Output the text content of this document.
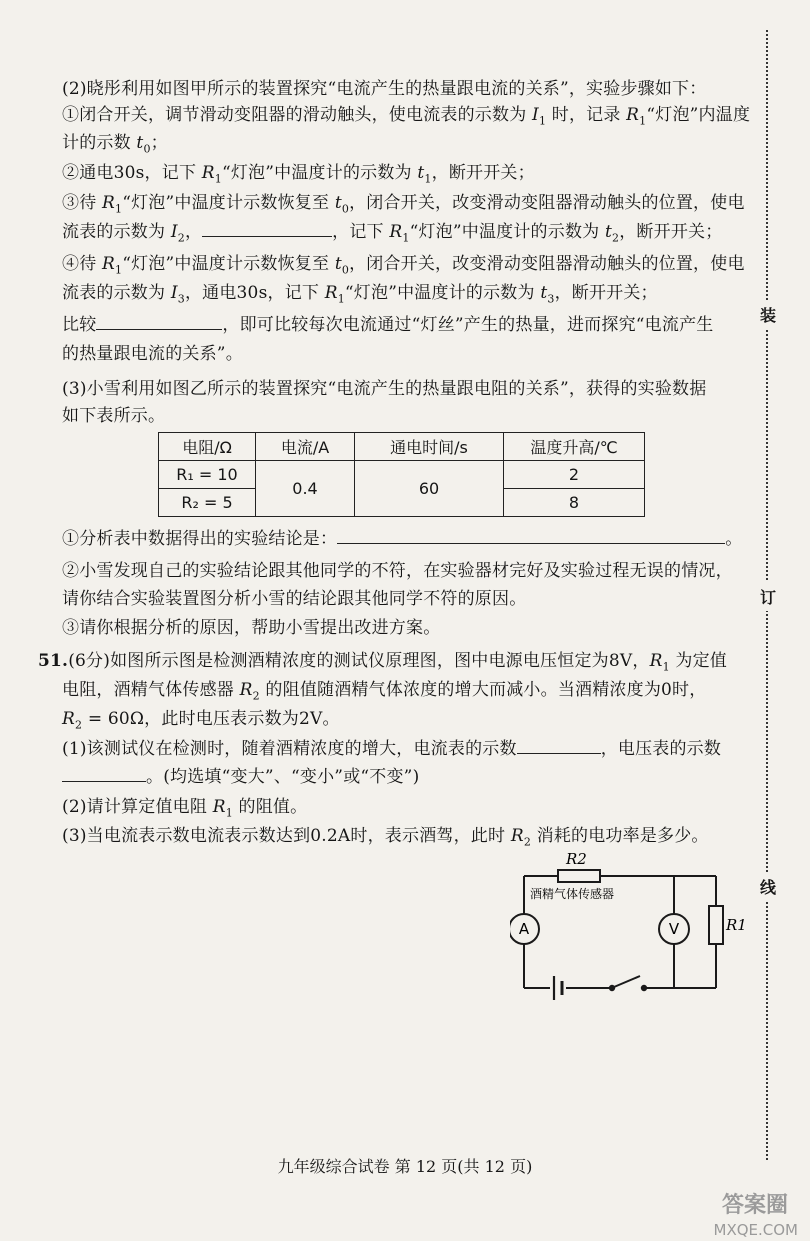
(2)晓彤利用如图甲所示的装置探究“电流产生的热量跟电流的关系”，实验步骤如下：
①闭合开关，调节滑动变阻器的滑动触头，使电流表的示数为 $I_1$ 时，记录 $R_1“$灯泡”内温度
计的示数 $t_0$；
②通电30s，记下 $R_1“$灯泡”中温度计的示数为 $t_1$，断开开关；
③待 $R_1“$灯泡”中温度计示数恢复至 $t_0$，闭合开关，改变滑动变阻器滑动触头的位置，使电
流表的示数为 $I_2$，	，记下 $R_1“$灯泡”中温度计的示数为 $t_2$，断开开关；
④待 $R_1“$灯泡”中温度计示数恢复至 $t_0$，闭合开关，改变滑动变阻器滑动触头的位置，使电
流表的示数为 $I_3$，通电30s，记下 $R_1“$灯泡”中温度计的示数为 $t_3$，断开开关；
比较	，即可比较每次电流通过“灯丝”产生的热量，进而探究“电流产生
的热量跟电流的关系”。
(3)小雪利用如图乙所示的装置探究“电流产生的热量跟电阻的关系”，获得的实验数据
如下表所示。
电阻/Ω	电流/A	通电时间/s	温度升高/℃
R₁ = 10	0.4	60	2
R₂ = 5			8
①分析表中数据得出的实验结论是：	。
②小雪发现自己的实验结论跟其他同学的不符，在实验器材完好及实验过程无误的情况，
请你结合实验装置图分析小雪的结论跟其他同学不符的原因。
③请你根据分析的原因，帮助小雪提出改进方案。
51.(6分)如图所示图是检测酒精浓度的测试仪原理图，图中电源电压恒定为8V，$R_1$ 为定值
电阻，酒精气体传感器 $R_2$ 的阻值随酒精气体浓度的增大而减小。当酒精浓度为0时，
$R_2 = 60\Omega$，此时电压表示数为2V。
(1)该测试仪在检测时，随着酒精浓度的增大，电流表的示数	，电压表的示数
。(均选填“变大”、“变小”或“不变”)
(2)请计算定值电阻 $R_1$ 的阻值。
(3)当电流表示数电流表示数达到0.2A时，表示酒驾，此时 $R_2$ 消耗的电功率是多少。
R2
酒精气体传感器
A	V	R1
装
订
线
九年级综合试卷 第 12 页(共 12 页)
答案圈
MXQE.COM
